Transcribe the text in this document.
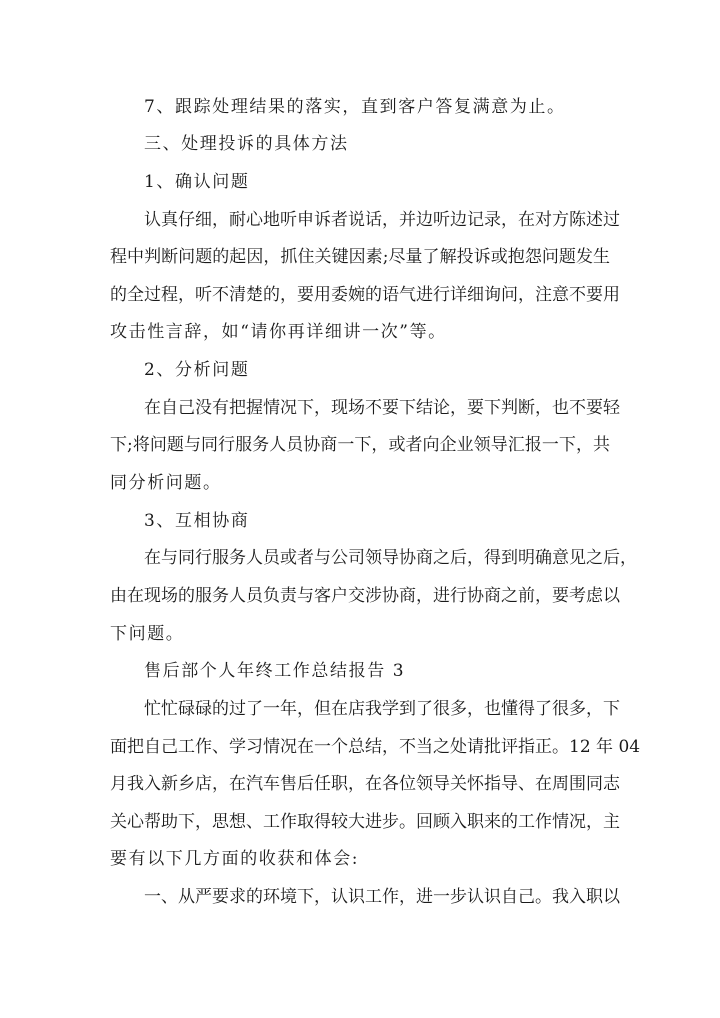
7、跟踪处理结果的落实，直到客户答复满意为止。
三、处理投诉的具体方法
1、确认问题
认真仔细，耐心地听申诉者说话，并边听边记录，在对方陈述过
程中判断问题的起因，抓住关键因素;尽量了解投诉或抱怨问题发生
的全过程，听不清楚的，要用委婉的语气进行详细询问，注意不要用
攻击性言辞，如“请你再详细讲一次”等。
2、分析问题
在自己没有把握情况下，现场不要下结论，要下判断，也不要轻
下;将问题与同行服务人员协商一下，或者向企业领导汇报一下，共
同分析问题。
3、互相协商
在与同行服务人员或者与公司领导协商之后，得到明确意见之后，
由在现场的服务人员负责与客户交涉协商，进行协商之前，要考虑以
下问题。
售后部个人年终工作总结报告 3
忙忙碌碌的过了一年，但在店我学到了很多，也懂得了很多，下
面把自己工作、学习情况在一个总结，不当之处请批评指正。12 年 04
月我入新乡店，在汽车售后任职，在各位领导关怀指导、在周围同志
关心帮助下，思想、工作取得较大进步。回顾入职来的工作情况，主
要有以下几方面的收获和体会:
一、从严要求的环境下，认识工作，进一步认识自己。我入职以
